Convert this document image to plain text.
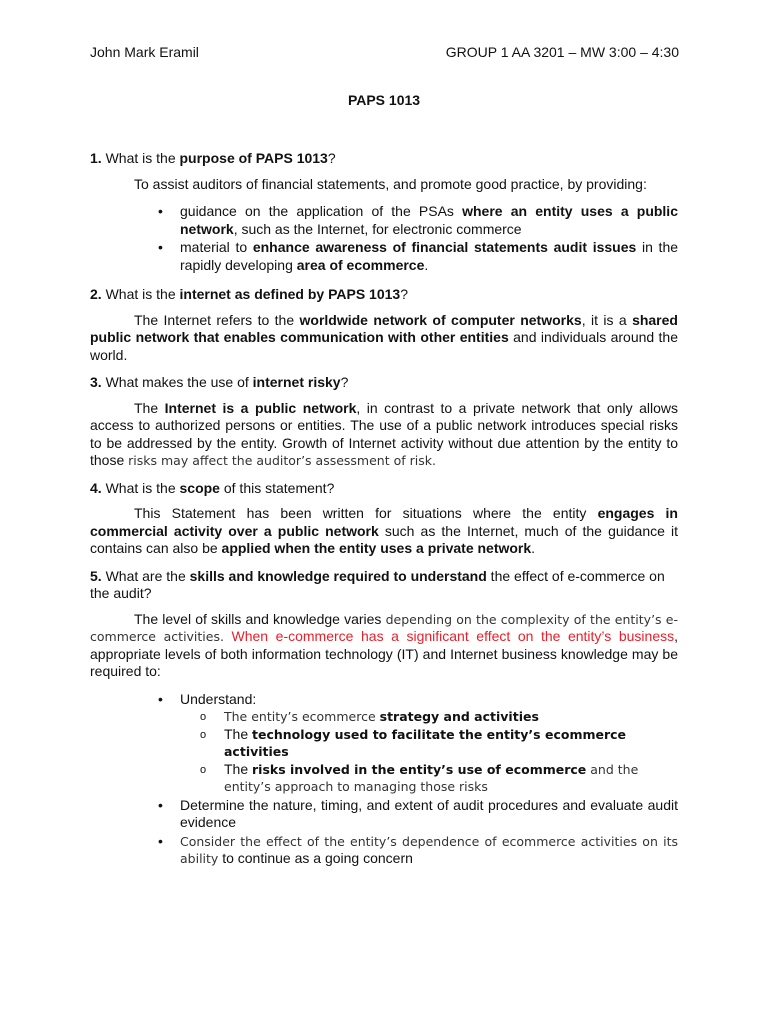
John Mark Eramil	GROUP 1 AA 3201 – MW 3:00 – 4:30
PAPS 1013
1. What is the purpose of PAPS 1013?
To assist auditors of financial statements, and promote good practice, by providing:
• guidance on the application of the PSAs where an entity uses a public network, such as the Internet, for electronic commerce
• material to enhance awareness of financial statements audit issues in the rapidly developing area of ecommerce.
2. What is the internet as defined by PAPS 1013?
The Internet refers to the worldwide network of computer networks, it is a shared public network that enables communication with other entities and individuals around the world.
3. What makes the use of internet risky?
The Internet is a public network, in contrast to a private network that only allows access to authorized persons or entities. The use of a public network introduces special risks to be addressed by the entity. Growth of Internet activity without due attention by the entity to those risks may affect the auditor’s assessment of risk.
4. What is the scope of this statement?
This Statement has been written for situations where the entity engages in commercial activity over a public network such as the Internet, much of the guidance it contains can also be applied when the entity uses a private network.
5. What are the skills and knowledge required to understand the effect of e-commerce on the audit?
The level of skills and knowledge varies depending on the complexity of the entity’s e-commerce activities. When e-commerce has a significant effect on the entity’s business, appropriate levels of both information technology (IT) and Internet business knowledge may be required to:
• Understand:
o The entity’s ecommerce strategy and activities
o The technology used to facilitate the entity’s ecommerce activities
o The risks involved in the entity’s use of ecommerce and the entity’s approach to managing those risks
• Determine the nature, timing, and extent of audit procedures and evaluate audit evidence
• Consider the effect of the entity’s dependence of ecommerce activities on its ability to continue as a going concern
